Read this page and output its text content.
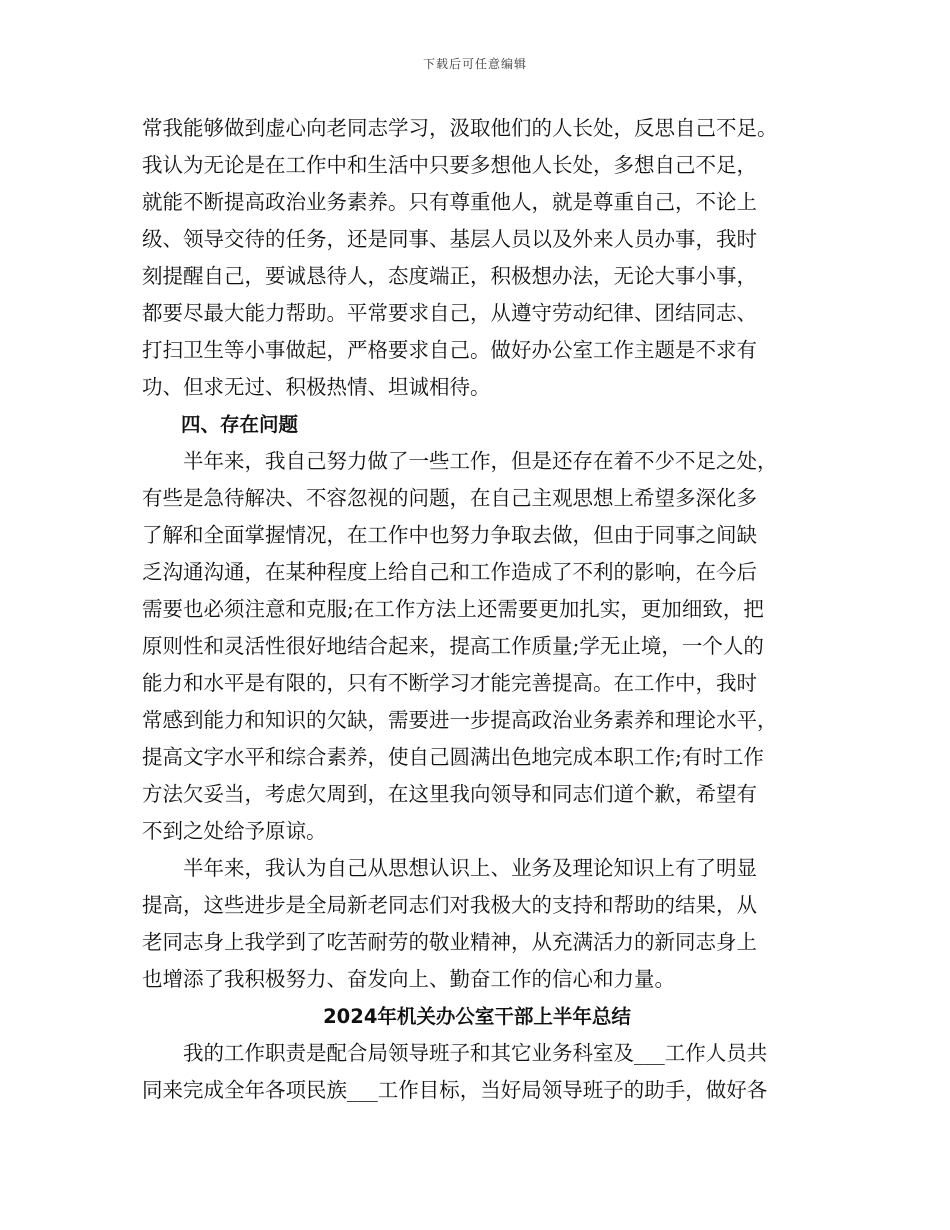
下载后可任意编辑
常我能够做到虚心向老同志学习，汲取他们的人长处，反思自己不足。
我认为无论是在工作中和生活中只要多想他人长处，多想自己不足，
就能不断提高政治业务素养。只有尊重他人，就是尊重自己，不论上
级、领导交待的任务，还是同事、基层人员以及外来人员办事，我时
刻提醒自己，要诚恳待人，态度端正，积极想办法，无论大事小事，
都要尽最大能力帮助。平常要求自己，从遵守劳动纪律、团结同志、
打扫卫生等小事做起，严格要求自己。做好办公室工作主题是不求有
功、但求无过、积极热情、坦诚相待。
四、存在问题
半年来，我自己努力做了一些工作，但是还存在着不少不足之处，
有些是急待解决、不容忽视的问题，在自己主观思想上希望多深化多
了解和全面掌握情况，在工作中也努力争取去做，但由于同事之间缺
乏沟通沟通，在某种程度上给自己和工作造成了不利的影响，在今后
需要也必须注意和克服;在工作方法上还需要更加扎实，更加细致，把
原则性和灵活性很好地结合起来，提高工作质量;学无止境，一个人的
能力和水平是有限的，只有不断学习才能完善提高。在工作中，我时
常感到能力和知识的欠缺，需要进一步提高政治业务素养和理论水平，
提高文字水平和综合素养，使自己圆满出色地完成本职工作;有时工作
方法欠妥当，考虑欠周到，在这里我向领导和同志们道个歉，希望有
不到之处给予原谅。
半年来，我认为自己从思想认识上、业务及理论知识上有了明显
提高，这些进步是全局新老同志们对我极大的支持和帮助的结果，从
老同志身上我学到了吃苦耐劳的敬业精神，从充满活力的新同志身上
也增添了我积极努力、奋发向上、勤奋工作的信心和力量。
2024年机关办公室干部上半年总结
我的工作职责是配合局领导班子和其它业务科室及___工作人员共
同来完成全年各项民族___工作目标，当好局领导班子的助手，做好各
